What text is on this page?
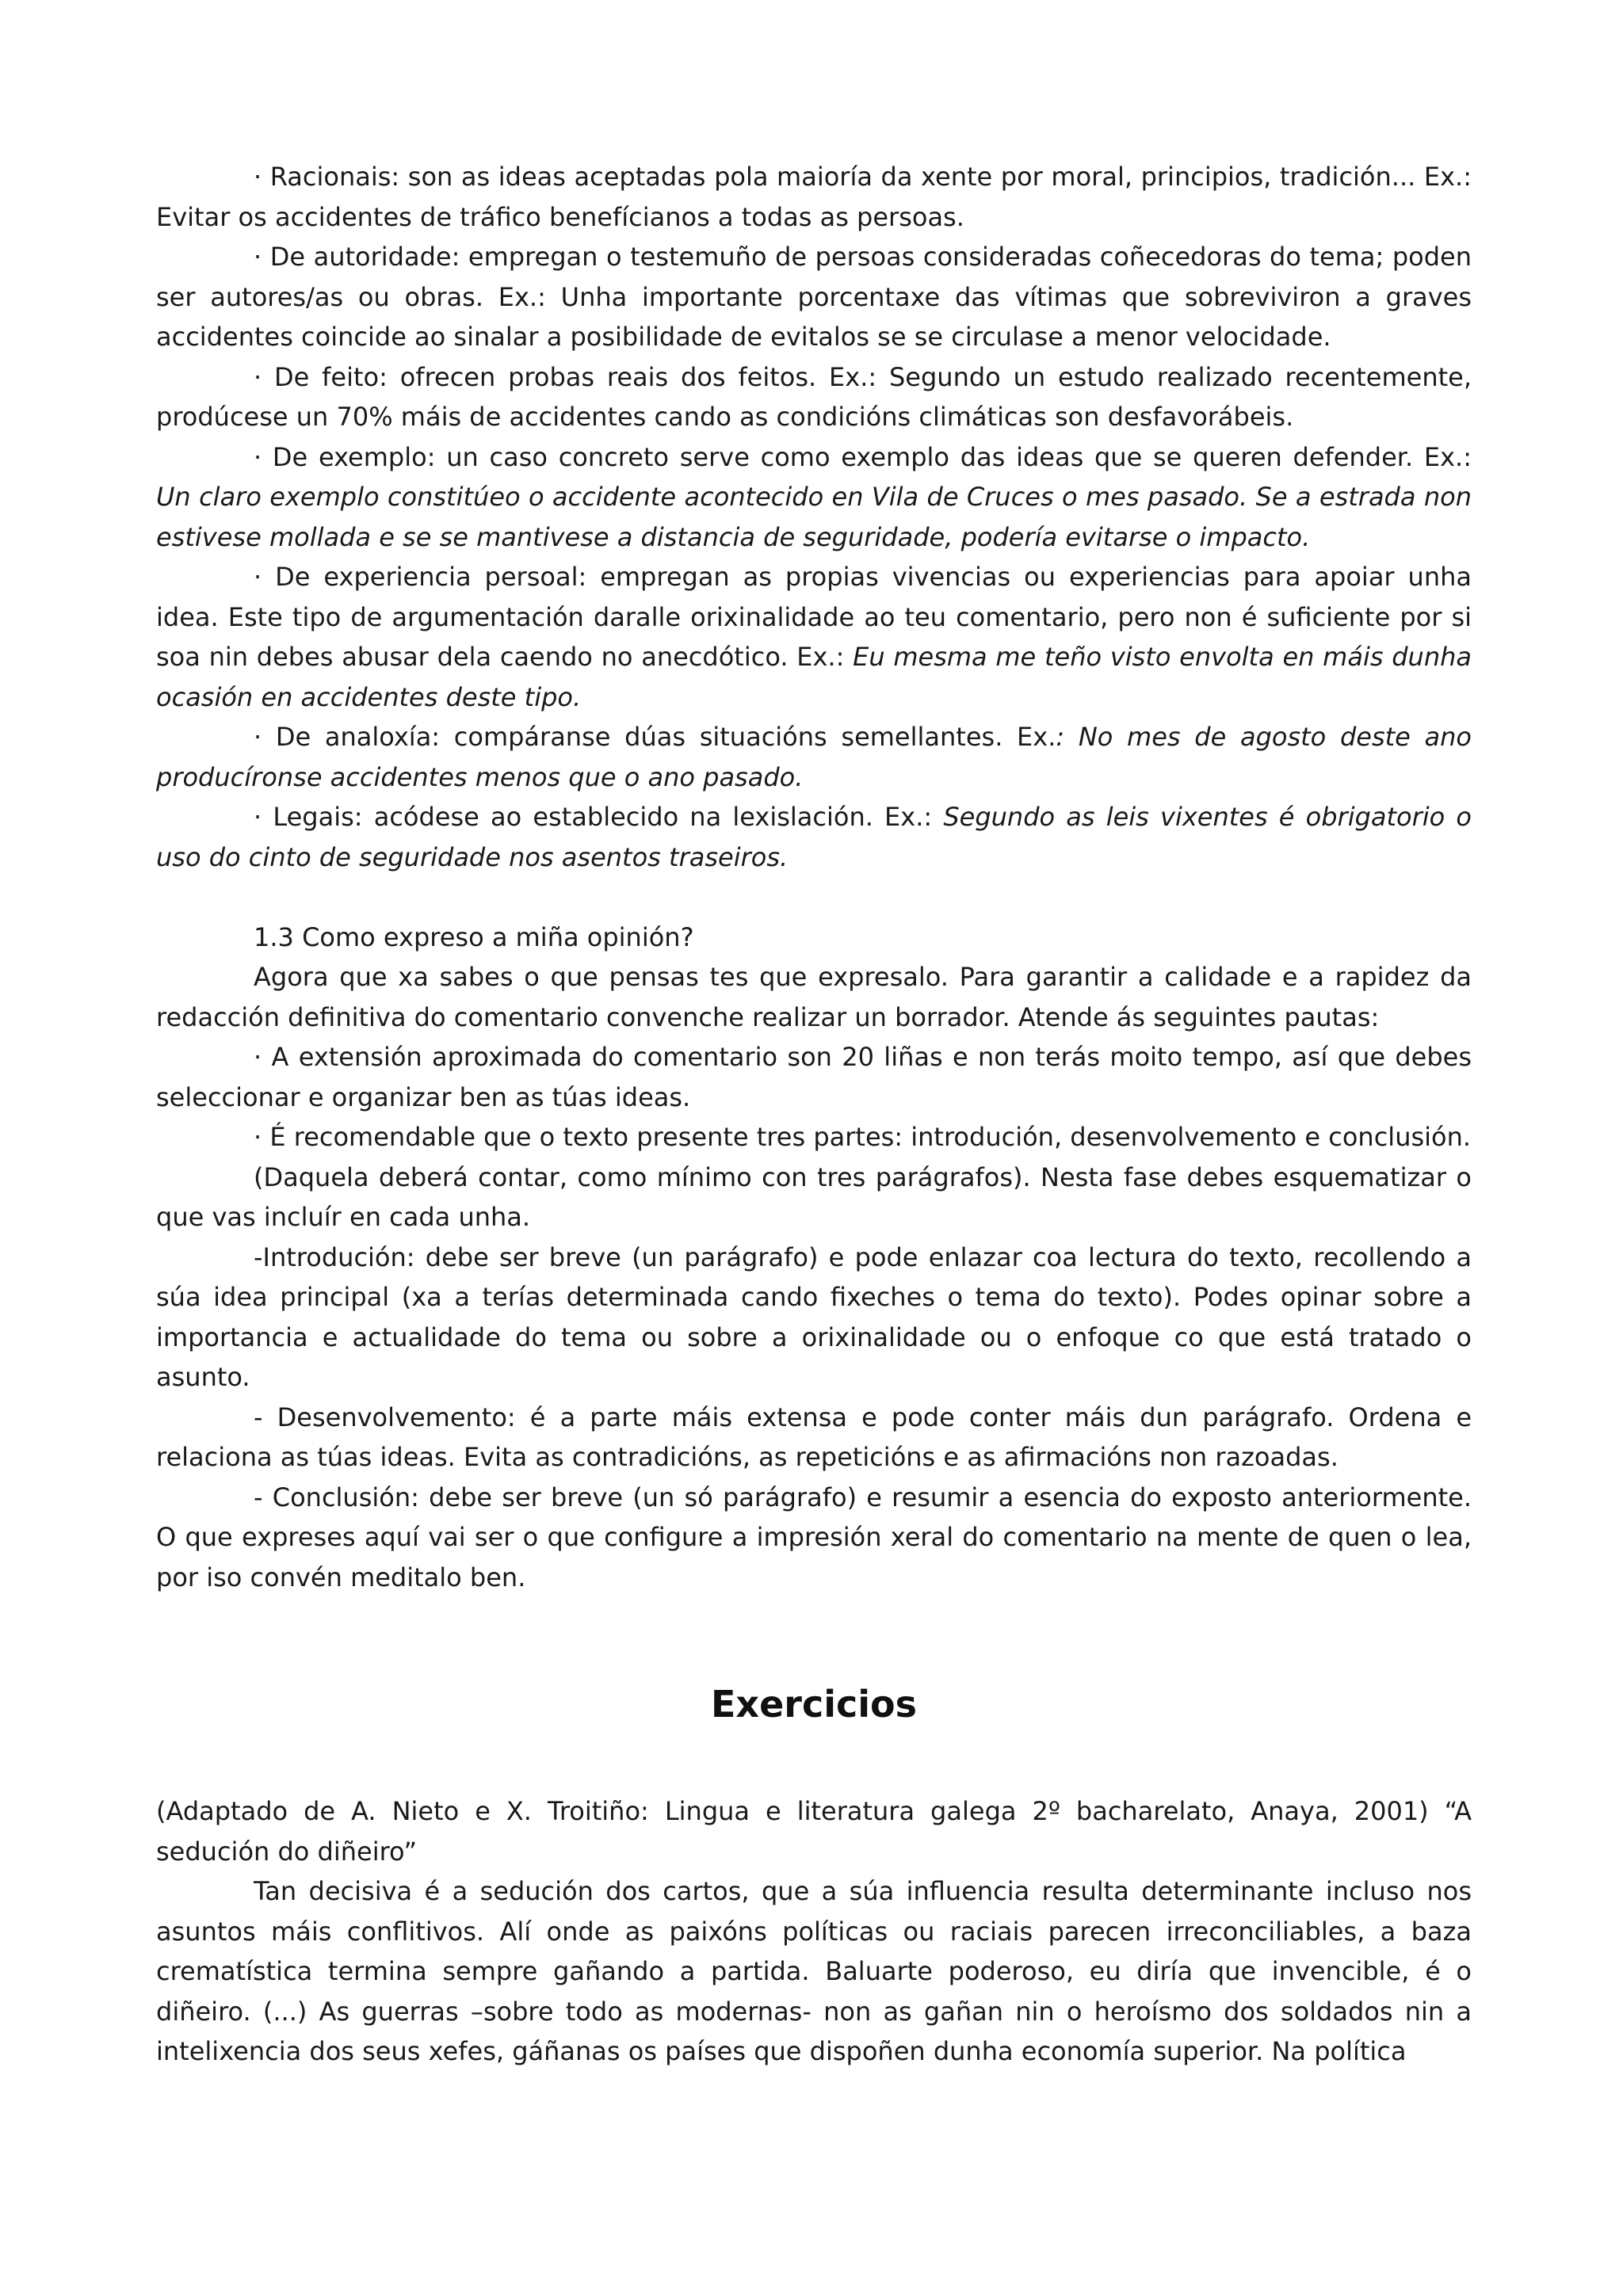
· Racionais: son as ideas aceptadas pola maioría da xente por moral, principios, tradición... Ex.: Evitar os accidentes de tráfico benefícianos a todas as persoas.

· De autoridade: empregan o testemuño de persoas consideradas coñecedoras do tema; poden ser autores/as ou obras. Ex.: Unha importante porcentaxe das vítimas que sobreviviron a graves accidentes coincide ao sinalar a posibilidade de evitalos se se circulase a menor velocidade.

· De feito: ofrecen probas reais dos feitos. Ex.: Segundo un estudo realizado recentemente, prodúcese un 70% máis de accidentes cando as condicións climáticas son desfavorábeis.

· De exemplo: un caso concreto serve como exemplo das ideas que se queren defender. Ex.: Un claro exemplo constitúeo o accidente acontecido en Vila de Cruces o mes pasado. Se a estrada non estivese mollada e se se mantivese a distancia de seguridade, podería evitarse o impacto.

· De experiencia persoal: empregan as propias vivencias ou experiencias para apoiar unha idea. Este tipo de argumentación daralle orixinalidade ao teu comentario, pero non é suficiente por si soa nin debes abusar dela caendo no anecdótico. Ex.: Eu mesma me teño visto envolta en máis dunha ocasión en accidentes deste tipo.

· De analoxía: compáranse dúas situacións semellantes. Ex.: No mes de agosto deste ano producíronse accidentes menos que o ano pasado.

· Legais: acódese ao establecido na lexislación. Ex.: Segundo as leis vixentes é obrigatorio o uso do cinto de seguridade nos asentos traseiros.

1.3 Como expreso a miña opinión?

Agora que xa sabes o que pensas tes que expresalo. Para garantir a calidade e a rapidez da redacción definitiva do comentario convenche realizar un borrador. Atende ás seguintes pautas:

· A extensión aproximada do comentario son 20 liñas e non terás moito tempo, así que debes seleccionar e organizar ben as túas ideas.

· É recomendable que o texto presente tres partes: introdución, desenvolvemento e conclusión.

(Daquela deberá contar, como mínimo con tres parágrafos). Nesta fase debes esquematizar o que vas incluír en cada unha.

-Introdución: debe ser breve (un parágrafo) e pode enlazar coa lectura do texto, recollendo a súa idea principal (xa a terías determinada cando fixeches o tema do texto). Podes opinar sobre a importancia e actualidade do tema ou sobre a orixinalidade ou o enfoque co que está tratado o asunto.

- Desenvolvemento: é a parte máis extensa e pode conter máis dun parágrafo. Ordena e relaciona as túas ideas. Evita as contradicións, as repeticións e as afirmacións non razoadas.

- Conclusión: debe ser breve (un só parágrafo) e resumir a esencia do exposto anteriormente. O que expreses aquí vai ser o que configure a impresión xeral do comentario na mente de quen o lea, por iso convén meditalo ben.

Exercicios

(Adaptado de A. Nieto e X. Troitiño: Lingua e literatura galega 2º bacharelato, Anaya, 2001) “A sedución do diñeiro”

Tan decisiva é a sedución dos cartos, que a súa influencia resulta determinante incluso nos asuntos máis conflitivos. Alí onde as paixóns políticas ou raciais parecen irreconciliables, a baza crematística termina sempre gañando a partida. Baluarte poderoso, eu diría que invencible, é o diñeiro. (...) As guerras –sobre todo as modernas- non as gañan nin o heroísmo dos soldados nin a intelixencia dos seus xefes, gáñanas os países que dispoñen dunha economía superior. Na política
